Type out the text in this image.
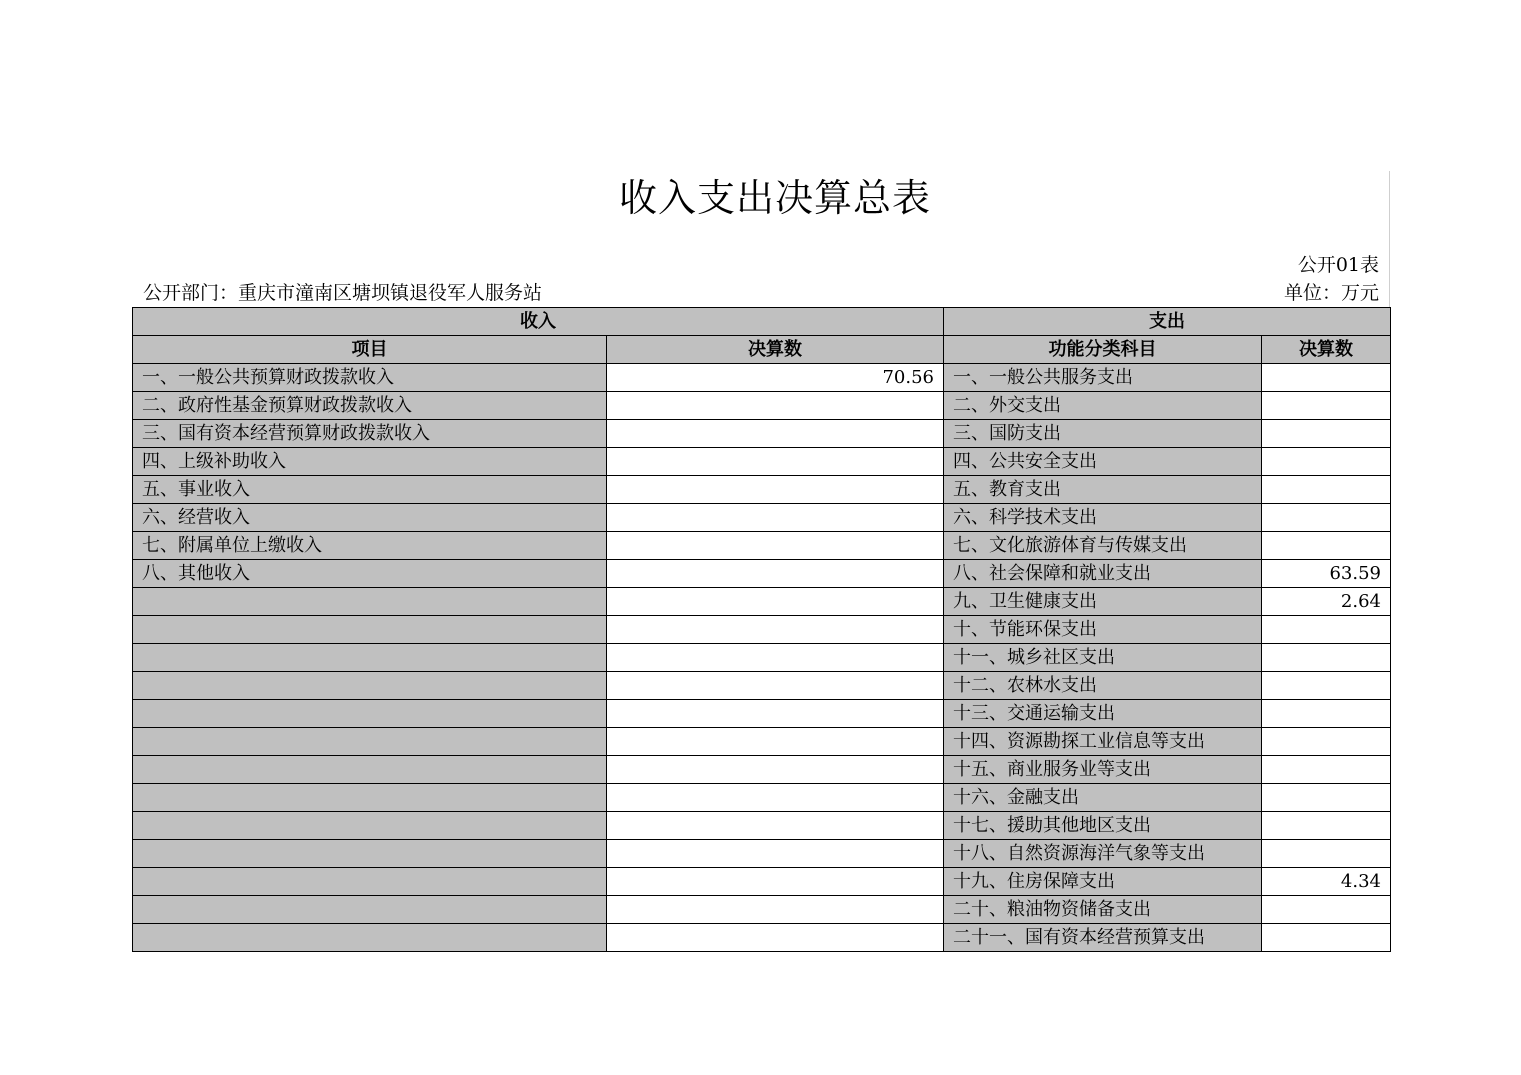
收入支出决算总表
公开01表
公开部门：重庆市潼南区塘坝镇退役军人服务站	单位：万元
收入		支出	
项目	决算数	功能分类科目	决算数
一、一般公共预算财政拨款收入	70.56	一、一般公共服务支出	
二、政府性基金预算财政拨款收入		二、外交支出	
三、国有资本经营预算财政拨款收入		三、国防支出	
四、上级补助收入		四、公共安全支出	
五、事业收入		五、教育支出	
六、经营收入		六、科学技术支出	
七、附属单位上缴收入		七、文化旅游体育与传媒支出	
八、其他收入		八、社会保障和就业支出	63.59
		九、卫生健康支出	2.64
		十、节能环保支出	
		十一、城乡社区支出	
		十二、农林水支出	
		十三、交通运输支出	
		十四、资源勘探工业信息等支出	
		十五、商业服务业等支出	
		十六、金融支出	
		十七、援助其他地区支出	
		十八、自然资源海洋气象等支出	
		十九、住房保障支出	4.34
		二十、粮油物资储备支出	
		二十一、国有资本经营预算支出	
